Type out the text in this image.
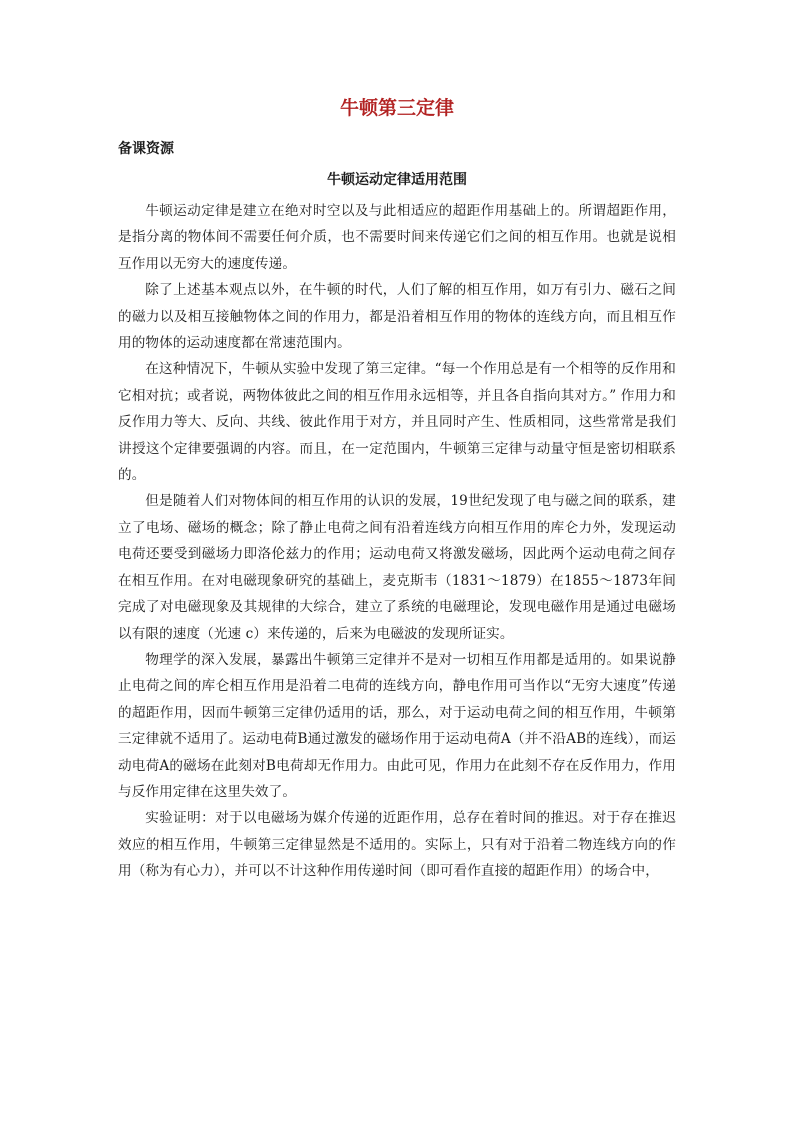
牛顿第三定律
备课资源
牛顿运动定律适用范围

牛顿运动定律是建立在绝对时空以及与此相适应的超距作用基础上的。所谓超距作用，是指分离的物体间不需要任何介质，也不需要时间来传递它们之间的相互作用。也就是说相互作用以无穷大的速度传递。

除了上述基本观点以外，在牛顿的时代，人们了解的相互作用，如万有引力、磁石之间的磁力以及相互接触物体之间的作用力，都是沿着相互作用的物体的连线方向，而且相互作用的物体的运动速度都在常速范围内。

在这种情况下，牛顿从实验中发现了第三定律。“每一个作用总是有一个相等的反作用和它相对抗；或者说，两物体彼此之间的相互作用永远相等，并且各自指向其对方。” 作用力和反作用力等大、反向、共线、彼此作用于对方，并且同时产生、性质相同，这些常常是我们讲授这个定律要强调的内容。而且，在一定范围内，牛顿第三定律与动量守恒是密切相联系的。

但是随着人们对物体间的相互作用的认识的发展，19世纪发现了电与磁之间的联系，建立了电场、磁场的概念；除了静止电荷之间有沿着连线方向相互作用的库仑力外，发现运动电荷还要受到磁场力即洛伦兹力的作用；运动电荷又将激发磁场，因此两个运动电荷之间存在相互作用。在对电磁现象研究的基础上，麦克斯韦（1831～1879）在1855～1873年间完成了对电磁现象及其规律的大综合，建立了系统的电磁理论，发现电磁作用是通过电磁场以有限的速度（光速 c）来传递的，后来为电磁波的发现所证实。

物理学的深入发展，暴露出牛顿第三定律并不是对一切相互作用都是适用的。如果说静止电荷之间的库仑相互作用是沿着二电荷的连线方向，静电作用可当作以“无穷大速度”传递的超距作用，因而牛顿第三定律仍适用的话，那么，对于运动电荷之间的相互作用，牛顿第三定律就不适用了。运动电荷B通过激发的磁场作用于运动电荷A（并不沿AB的连线），而运动电荷A的磁场在此刻对B电荷却无作用力。由此可见，作用力在此刻不存在反作用力，作用与反作用定律在这里失效了。

实验证明：对于以电磁场为媒介传递的近距作用，总存在着时间的推迟。对于存在推迟效应的相互作用，牛顿第三定律显然是不适用的。实际上，只有对于沿着二物连线方向的作用（称为有心力），并可以不计这种作用传递时间（即可看作直接的超距作用）的场合中，
